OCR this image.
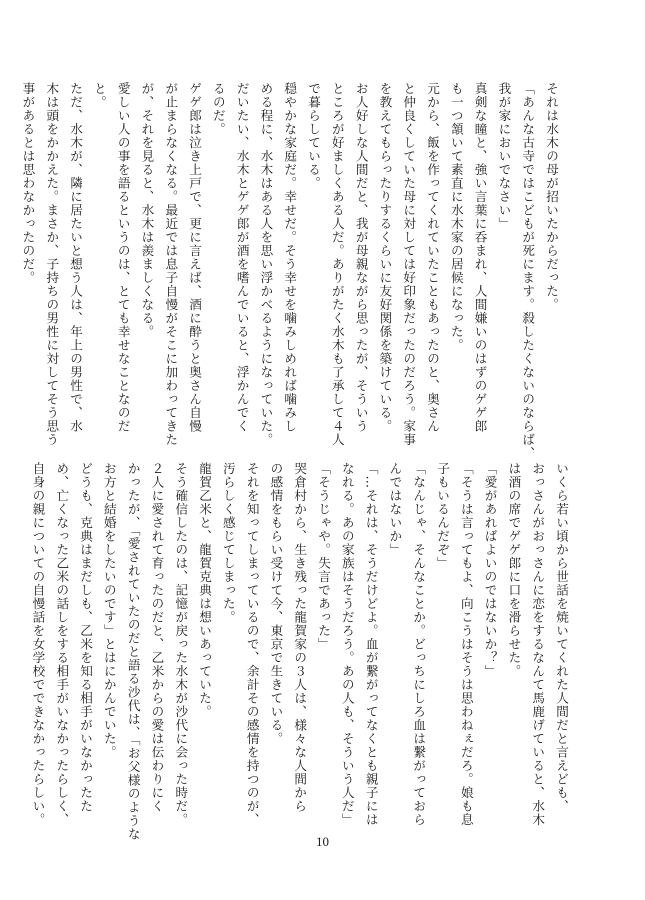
それは水木の母が招いたからだった。
「あんな古寺ではこどもが死にます。殺したくないのならば、
我が家においでなさい」
真剣な瞳と、強い言葉に呑まれ、人間嫌いのはずのゲゲ郎
も一つ頷いて素直に水木家の居候になった。
元から、飯を作ってくれていたこともあったのと、奥さん
と仲良くしていた母に対しては好印象だったのだろう。家事
を教えてもらったりするくらいに友好関係を築けている。
お人好しな人間だと、我が母親ながら思ったが、そういう
ところが好ましくある人だ。ありがたく水木も了承して４人
で暮らしている。
穏やかな家庭だ。幸せだ。そう幸せを噛みしめれば噛みし
める程に、水木はある人を思い浮かべるようになっていた。
だいたい、水木とゲゲ郎が酒を嗜んでいると、浮かんでく
るのだ。
ゲゲ郎は泣き上戸で、更に言えば、酒に酔うと奥さん自慢
が止まらなくなる。最近では息子自慢がそこに加わってきた
が、それを見ると、水木は羨ましくなる。
愛しい人の事を語るというのは、とても幸せなことなのだ
と。
ただ、水木が、隣に居たいと想う人は、年上の男性で、水
木は頭をかかえた。まさか、子持ちの男性に対してそう思う
事があるとは思わなかったのだ。
いくら若い頃から世話を焼いてくれた人間だと言えども、
おっさんがおっさんに恋をするなんて馬鹿げていると、水木
は酒の席でゲゲ郎に口を滑らせた。
「愛があればよいのではないか？」
「そうは言ってもよ、向こうはそうは思わねぇだろ。娘も息
子もいるんだぞ」
「なんじゃ、そんなことか。どっちにしろ血は繋がっておら
んではないか」
「…それは、そうだけどよ。血が繋がってなくとも親子には
なれる。あの家族はそうだろう。あの人も、そういう人だ」
「そうじゃや。失言であった」
哭倉村から、生き残った龍賀家の３人は、様々な人間から
の感情をもらい受けて今、東京で生きている。
それを知ってしまっているので、余計その感情を持つのが、
汚らしく感じてしまった。
龍賀乙米と、龍賀克典は想いあっていた。
そう確信したのは、記憶が戻った水木が沙代に会った時だ。
２人に愛されて育ったのだと、乙米からの愛は伝わりにく
かったが、「愛されていたのだと語る沙代は、「お父様のような
お方と結婚をしたいのです」とはにかんでいた。
どうも、克典はまだしも、乙米を知る相手がいなかったた
め、亡くなった乙米の話しをする相手がいなかったらしく、
自身の親についての自慢話を女学校でできなかったらしい。
10
